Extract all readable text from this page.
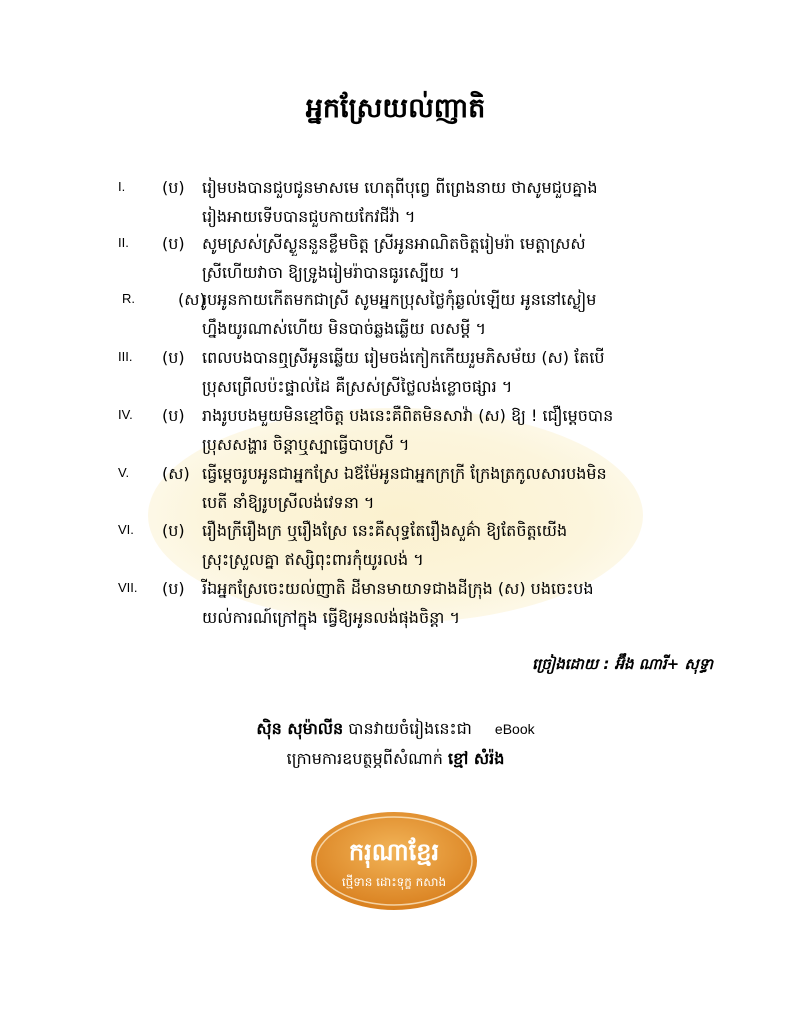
អ្នកស្រែយល់ញាតិ
I. (ប) រៀមបងបានជួបជូនមាសមេ ហេតុពីបុព្វេ ពីព្រេងនាយ ថាសូមជួបគ្នាង
រៀងអាយទើបបានជួបកាយកែវជីវ៉ា ។
II. (ប) សូមស្រស់ស្រីស្ងួននួនខ្លឹមចិត្ត ស្រីអូនអាណិតចិត្តរៀមរ៉ា មេត្តាស្រស់
ស្រីហើយវាចា ឱ្យទ្រូងរៀមរ៉ាបានធូរស្បើយ ។
R.	(ស)
រូបអូនកាយកើតមកជាស្រី សូមអ្នកប្រុសថ្លៃកុំឆ្ងល់ឡើយ អូននៅស្ងៀម
ហ្នឹងយូរណាស់ហើយ មិនបាច់ឆ្លងឆ្លើយ លសម្តី ។
III. (ប) ពេលបងបានឮស្រីអូនឆ្លើយ រៀមចង់កៀកកើយរួមភិសម័យ (ស) តែបើ
ប្រុសព្រើលប៉ះផ្ទាល់ដៃ គឺស្រស់ស្រីថ្លៃលង់ខ្លោចផ្សារ ។
IV. (ប) រាងរូបបងមួយមិនខ្មៅចិត្ត បងនេះគឺពិតមិនសាវ៉ា (ស) ឱ្យ ! ជឿម្តេចបាន
ប្រុសសង្ហារ ចិន្តាឬស្បាធ្វើបាបស្រី ។
V. (ស) ធ្វើម្តេចរូបអូនជាអ្នកស្រែ ឯឪម៉ែអូនជាអ្នកក្រក្រី ក្រែងត្រកូលសារបងមិន
បេតី នាំឱ្យរូបស្រីលង់វេទនា ។
VI. (ប) រឿងក្រីរឿងក្រ ឬរឿងស្រែ នេះគឺសុទ្ធតែរឿងសួគ៌ា ឱ្យតែចិត្តយើង
ស្រុះស្រួលគ្នា ឥស្សិពុះពារកុំយូរលង់ ។
VII. (ប) រីឯអ្នកស្រែចេះយល់ញាតិ ដីមានមាយាទជាងដីក្រុង (ស) បងចេះបង
យល់ការណ៍ក្រៅក្នុង ធ្វើឱ្យអូនលង់ផុងចិន្តា ។
ច្រៀងដោយ : អ៊ឹង ណារី+ សុទ្ធា
ស៊ិន សុម៉ាលីន បានវាយចំរៀងនេះជា eBook
ក្រោមការឧបត្ថម្ភពីសំណាក់ ខ្មៅ សំរ៉ង
ករុណាខ្មែរ
ថ្មើទាន ដោះទុក្ខ កសាង
